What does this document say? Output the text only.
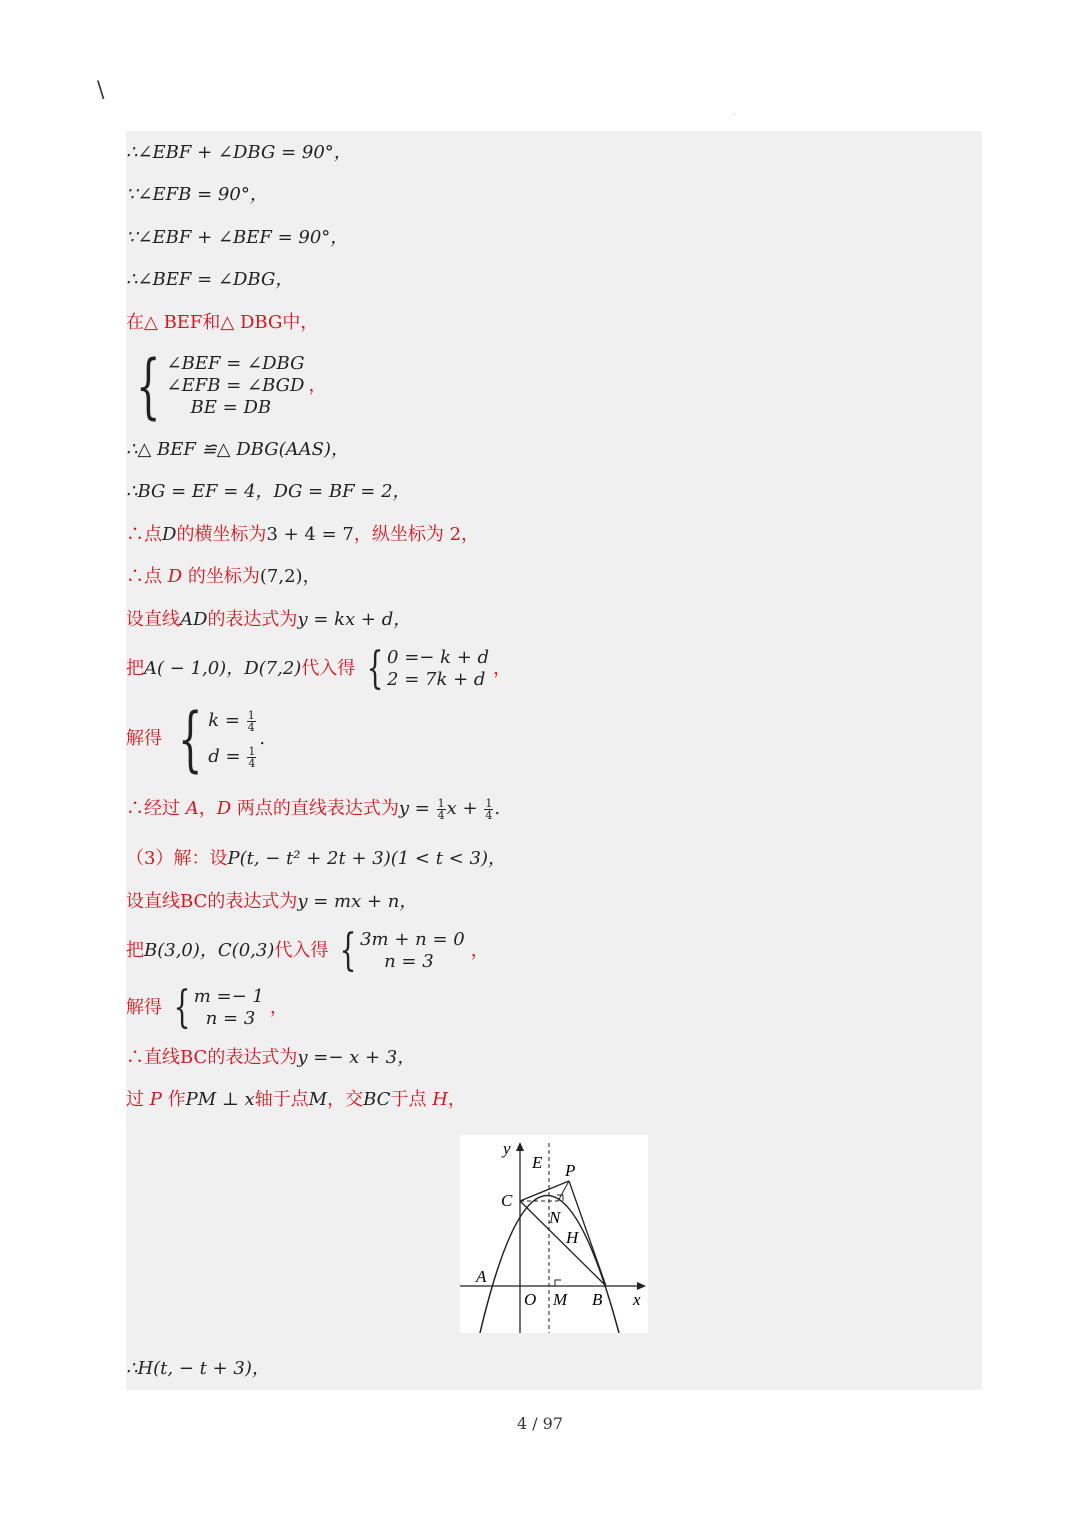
\
·
∴∠EBF + ∠DBG = 90°，
∵∠EFB = 90°，
∵∠EBF + ∠BEF = 90°，
∴∠BEF = ∠DBG，
在△ BEF和△ DBG中，
{ ∠BEF = ∠DBG
∠EFB = ∠BGD
BE = DB
，
∴△ BEF ≌△ DBG(AAS)，
∴BG = EF = 4，DG = BF = 2，
∴点D的横坐标为3 + 4 = 7，纵坐标为 2，
∴点 D 的坐标为(7,2)，
设直线AD的表达式为y = kx + d，
把A( − 1,0)，D(7,2)代入得 { 0 =− k + d
2 = 7k + d
，
解得 { $k = \frac{1}{4}$
$d = \frac{1}{4}$
.
∴经过 A，D 两点的直线表达式为$y = \frac{1}{4}$ $x + \frac{1}{4}$ .
（3）解：设P(t, − t² + 2t + 3)(1 < t < 3)，
设直线BC的表达式为y = mx + n，
把B(3,0)，C(0,3)代入得 { 3m + n = 0
n = 3
，
解得 { m =− 1
n = 3
，
∴直线BC的表达式为y =− x + 3，
过 P 作PM ⊥ x轴于点M，交BC于点 H，
y
E P
C
N
H
A
O M B x
∴H(t, − t + 3)，
4 / 97
